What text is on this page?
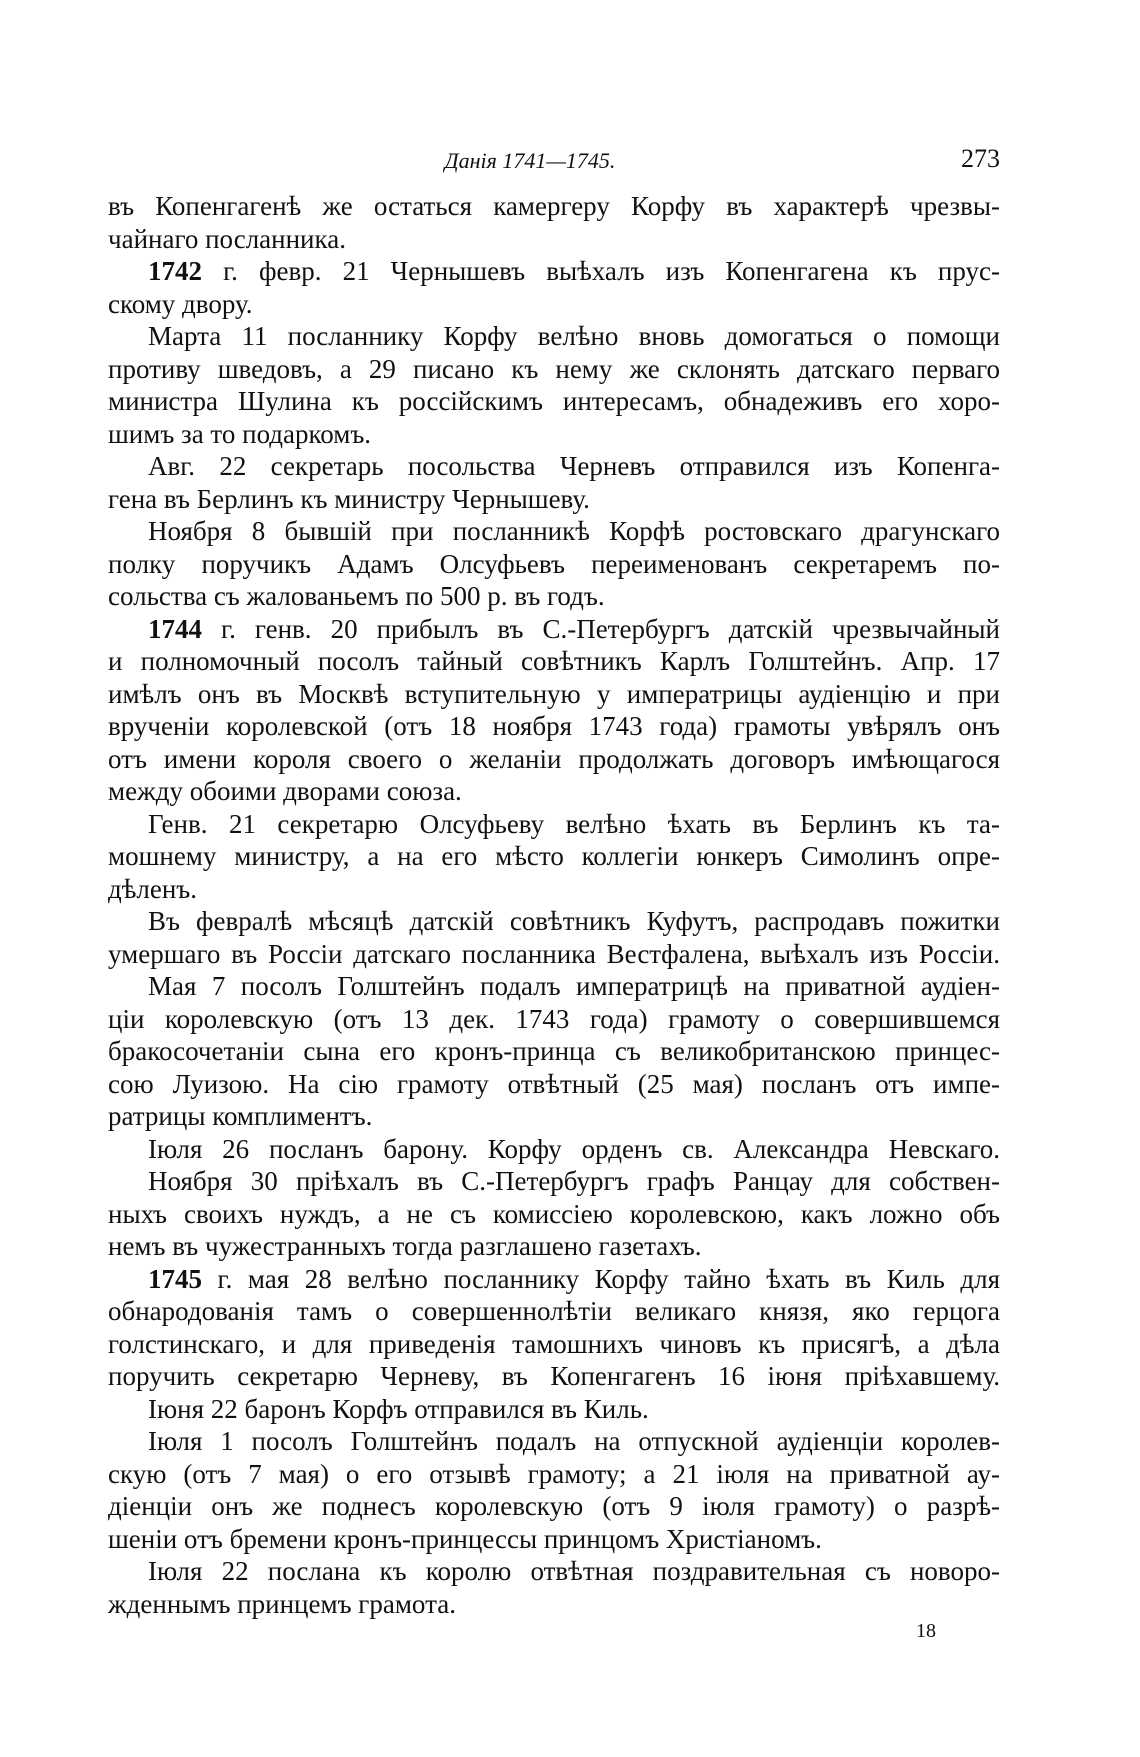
Данія 1741—1745.	273
въ Копенгагенѣ же остаться камергеру Корфу въ характерѣ чрезвы-
чайнаго посланника.
1742 г. февр. 21 Чернышевъ выѣхалъ изъ Копенгагена къ прус-
скому двору.
Марта 11 посланнику Корфу велѣно вновь домогаться о помощи
противу шведовъ, а 29 писано къ нему же склонять датскаго перваго
министра Шулина къ россійскимъ интересамъ, обнадеживъ его хоро-
шимъ за то подаркомъ.
Авг. 22 секретарь посольства Черневъ отправился изъ Копенга-
гена въ Берлинъ къ министру Чернышеву.
Ноября 8 бывшій при посланникѣ Корфѣ ростовскаго драгунскаго
полку поручикъ Адамъ Олсуфьевъ переименованъ секретаремъ по-
сольства съ жалованьемъ по 500 р. въ годъ.
1744 г. генв. 20 прибылъ въ С.-Петербургъ датскій чрезвычайный
и полномочный посолъ тайный совѣтникъ Карлъ Голштейнъ. Апр. 17
имѣлъ онъ въ Москвѣ вступительную у императрицы аудіенцію и при
врученіи королевской (отъ 18 ноября 1743 года) грамоты увѣрялъ онъ
отъ имени короля своего о желаніи продолжать договоръ имѣющагося
между обоими дворами союза.
Генв. 21 секретарю Олсуфьеву велѣно ѣхать въ Берлинъ къ та-
мошнему министру, а на его мѣсто коллегіи юнкеръ Симолинъ опре-
дѣленъ.
Въ февралѣ мѣсяцѣ датскій совѣтникъ Куфутъ, распродавъ пожитки
умершаго въ Россіи датскаго посланника Вестфалена, выѣхалъ изъ Россіи.
Мая 7 посолъ Голштейнъ подалъ императрицѣ на приватной аудіен-
ціи королевскую (отъ 13 дек. 1743 года) грамоту о совершившемся
бракосочетаніи сына его кронъ-принца съ великобританскою принцес-
сою Луизою. На сію грамоту отвѣтный (25 мая) посланъ отъ импе-
ратрицы комплиментъ.
Іюля 26 посланъ барону. Корфу орденъ св. Александра Невскаго.
Ноября 30 пріѣхалъ въ С.-Петербургъ графъ Ранцау для собствен-
ныхъ своихъ нуждъ, а не съ комиссіею королевскою, какъ ложно объ
немъ въ чужестранныхъ тогда разглашено газетахъ.
1745 г. мая 28 велѣно посланнику Корфу тайно ѣхать въ Киль для
обнародованія тамъ о совершеннолѣтіи великаго князя, яко герцога
голстинскаго, и для приведенія тамошнихъ чиновъ къ присягѣ, а дѣла
поручить секретарю Черневу, въ Копенгагенъ 16 іюня пріѣхавшему.
Іюня 22 баронъ Корфъ отправился въ Киль.
Іюля 1 посолъ Голштейнъ подалъ на отпускной аудіенціи королев-
скую (отъ 7 мая) о его отзывѣ грамоту; а 21 іюля на приватной ау-
діенціи онъ же поднесъ королевскую (отъ 9 іюля грамоту) о разрѣ-
шеніи отъ бремени кронъ-принцессы принцомъ Христіаномъ.
Іюля 22 послана къ королю отвѣтная поздравительная съ новоро-
жденнымъ принцемъ грамота.
18
